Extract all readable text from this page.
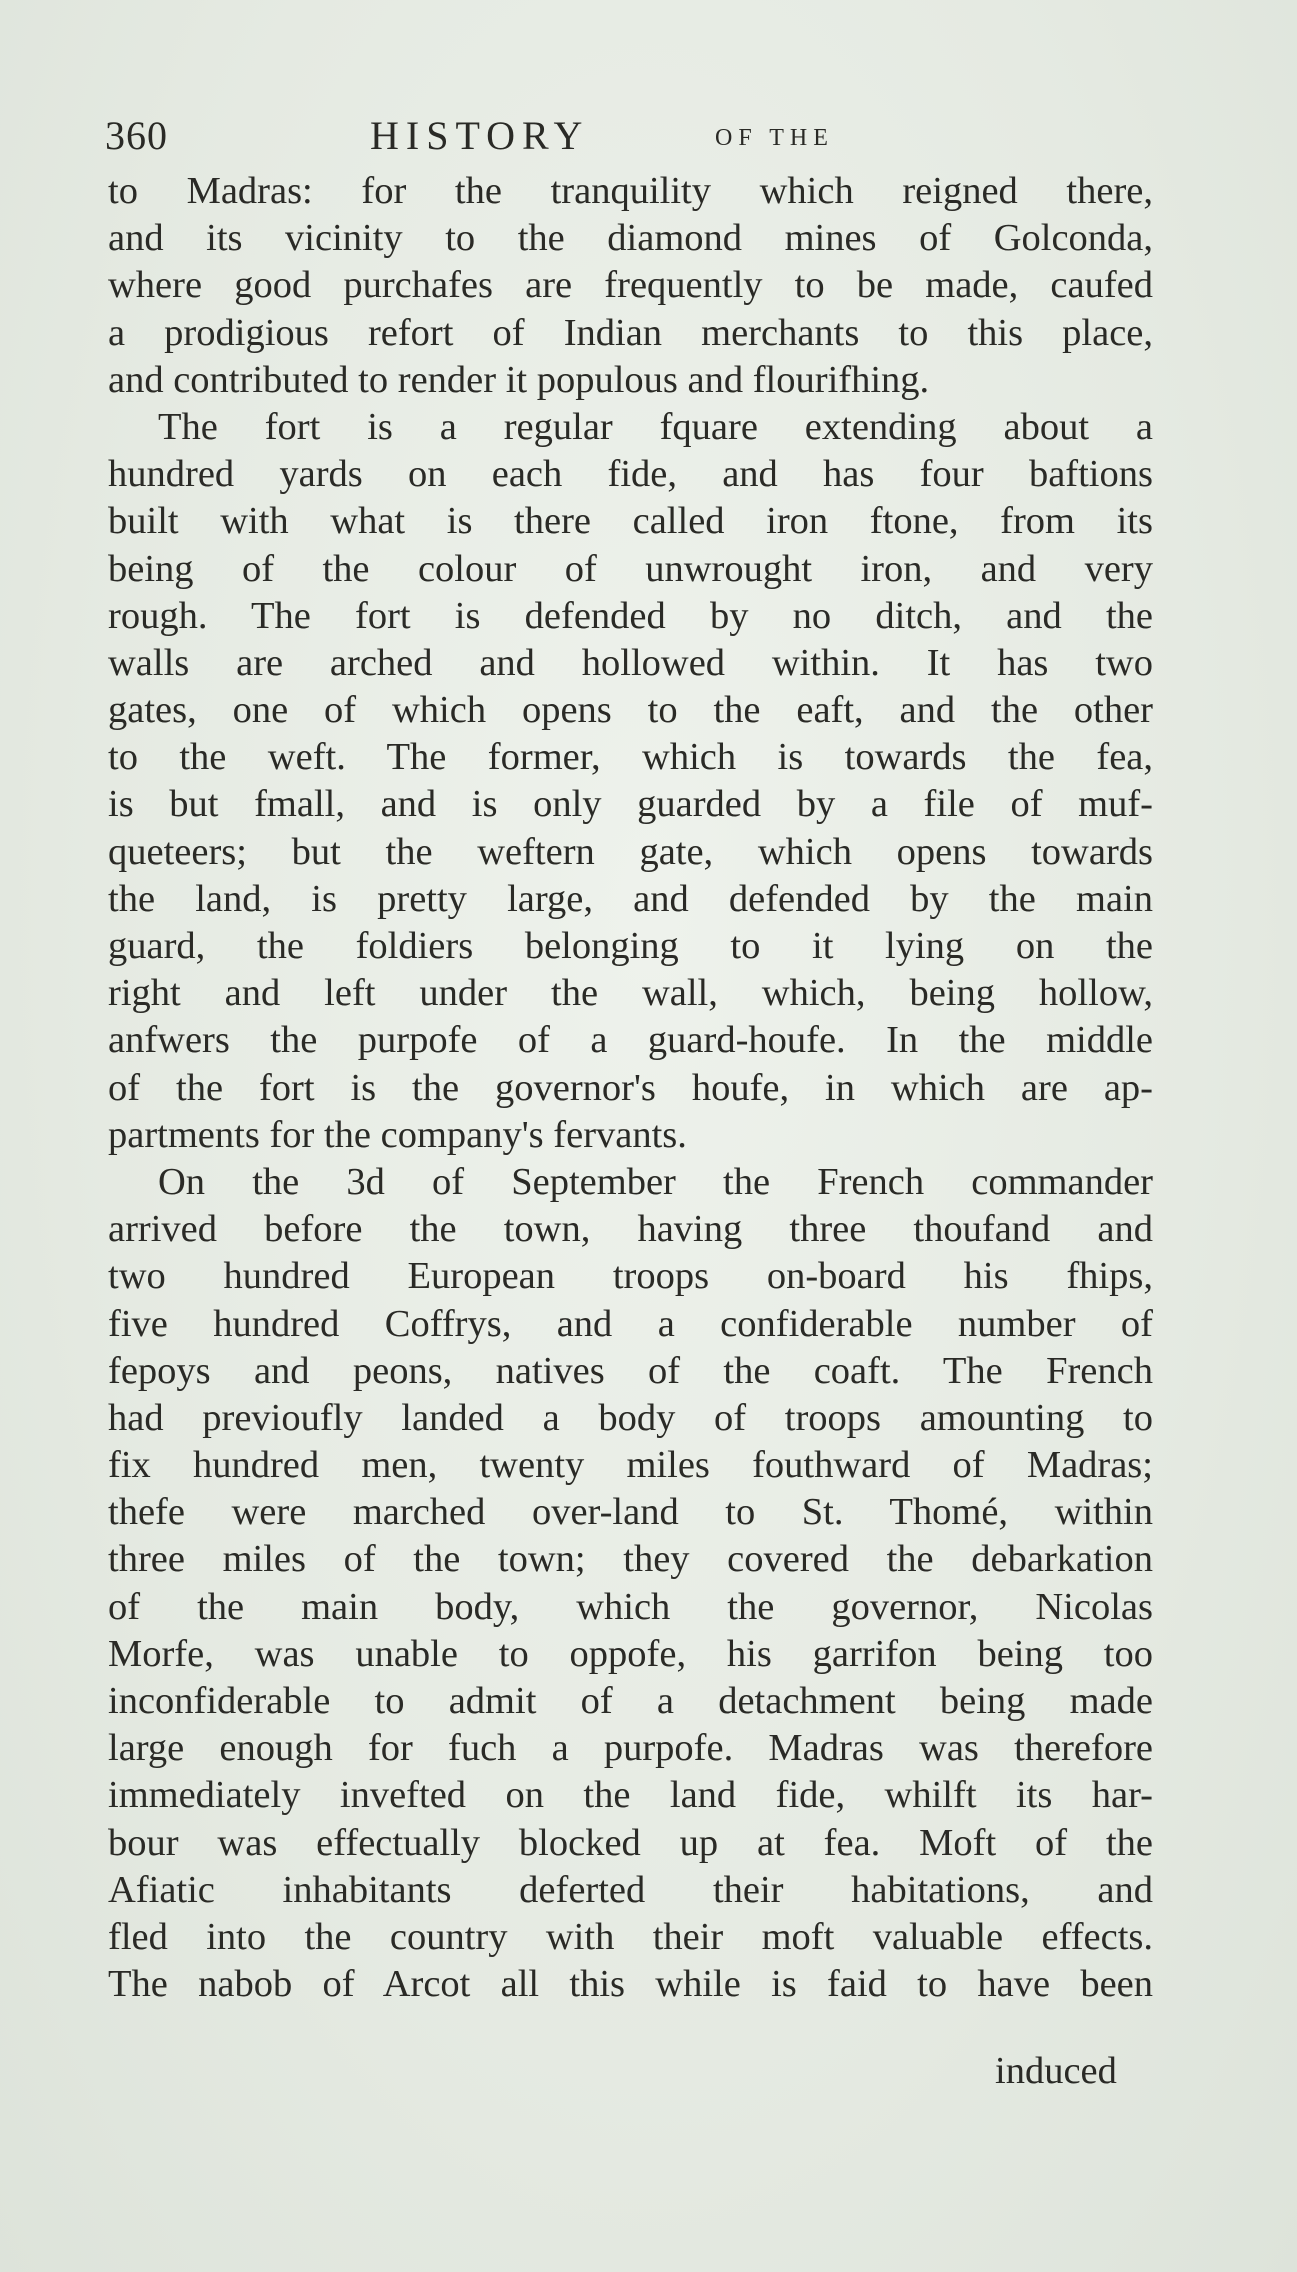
360	HISTORY	OF THE
to Madras: for the tranquility which reigned there,
and its vicinity to the diamond mines of Golconda,
where good purchafes are frequently to be made, caufed
a prodigious refort of Indian merchants to this place,
and contributed to render it populous and flourifhing.
The fort is a regular fquare extending about a
hundred yards on each fide, and has four baftions
built with what is there called iron ftone, from its
being of the colour of unwrought iron, and very
rough. The fort is defended by no ditch, and the
walls are arched and hollowed within. It has two
gates, one of which opens to the eaft, and the other
to the weft. The former, which is towards the fea,
is but fmall, and is only guarded by a file of muf-
queteers; but the weftern gate, which opens towards
the land, is pretty large, and defended by the main
guard, the foldiers belonging to it lying on the
right and left under the wall, which, being hollow,
anfwers the purpofe of a guard-houfe. In the middle
of the fort is the governor's houfe, in which are ap-
partments for the company's fervants.
On the 3d of September the French commander
arrived before the town, having three thoufand and
two hundred European troops on-board his fhips,
five hundred Coffrys, and a confiderable number of
fepoys and peons, natives of the coaft. The French
had previoufly landed a body of troops amounting to
fix hundred men, twenty miles fouthward of Madras;
thefe were marched over-land to St. Thomé, within
three miles of the town; they covered the debarkation
of the main body, which the governor, Nicolas
Morfe, was unable to oppofe, his garrifon being too
inconfiderable to admit of a detachment being made
large enough for fuch a purpofe. Madras was therefore
immediately invefted on the land fide, whilft its har-
bour was effectually blocked up at fea. Moft of the
Afiatic inhabitants deferted their habitations, and
fled into the country with their moft valuable effects.
The nabob of Arcot all this while is faid to have been
induced
